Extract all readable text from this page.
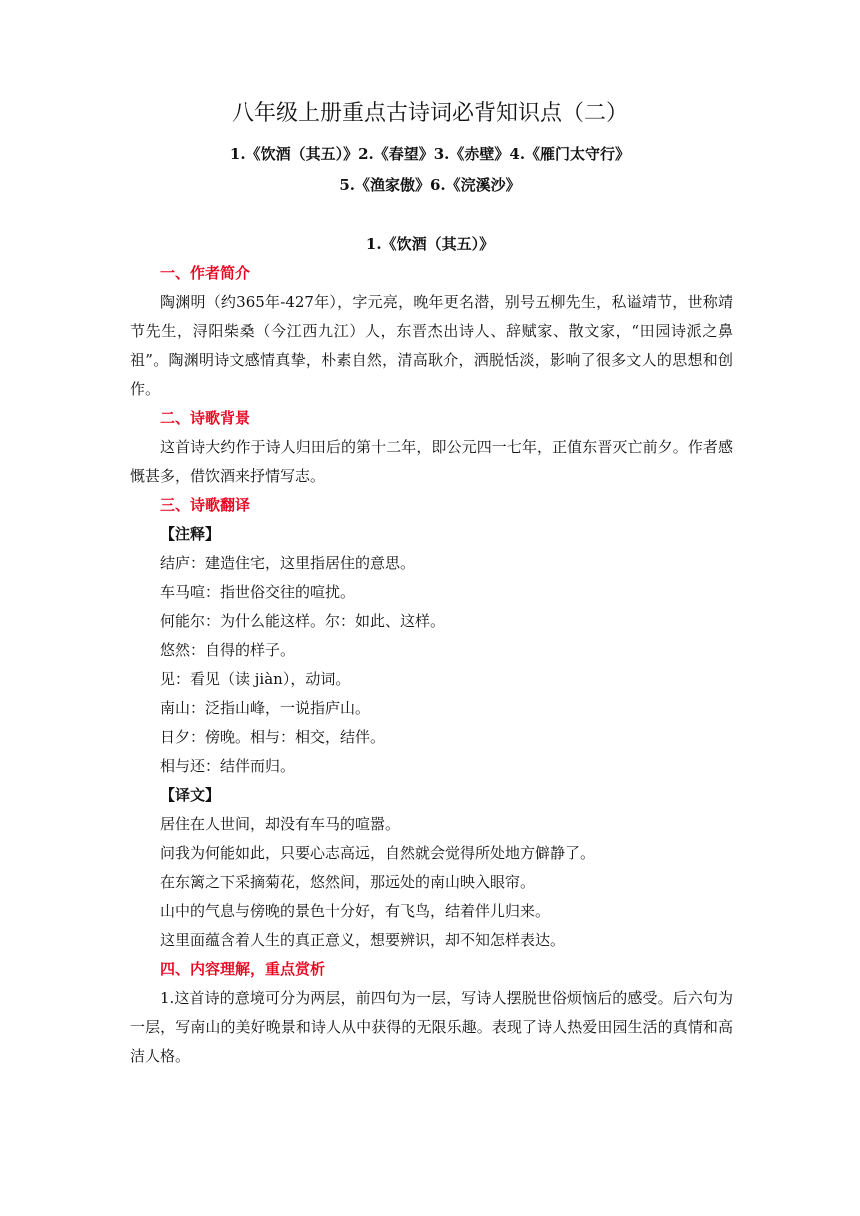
八年级上册重点古诗词必背知识点（二）
1.《饮酒（其五）》2.《春望》3.《赤壁》4.《雁门太守行》
5.《渔家傲》6.《浣溪沙》
1.《饮酒（其五）》

一、作者简介

陶渊明（约365年-427年），字元亮，晚年更名潜，别号五柳先生，私谥靖节，世称靖节先生，浔阳柴桑（今江西九江）人，东晋杰出诗人、辞赋家、散文家，“田园诗派之鼻祖”。陶渊明诗文感情真挚，朴素自然，清高耿介，洒脱恬淡，影响了很多文人的思想和创作。

二、诗歌背景

这首诗大约作于诗人归田后的第十二年，即公元四一七年，正值东晋灭亡前夕。作者感慨甚多，借饮酒来抒情写志。

三、诗歌翻译

【注释】

结庐：建造住宅，这里指居住的意思。

车马喧：指世俗交往的喧扰。

何能尔：为什么能这样。尔：如此、这样。

悠然：自得的样子。

见：看见（读 jiàn），动词。

南山：泛指山峰，一说指庐山。

日夕：傍晚。相与：相交，结伴。

相与还：结伴而归。

【译文】

居住在人世间，却没有车马的喧嚣。

问我为何能如此，只要心志高远，自然就会觉得所处地方僻静了。

在东篱之下采摘菊花，悠然间，那远处的南山映入眼帘。

山中的气息与傍晚的景色十分好，有飞鸟，结着伴儿归来。

这里面蕴含着人生的真正意义，想要辨识，却不知怎样表达。

四、内容理解，重点赏析

1.这首诗的意境可分为两层，前四句为一层，写诗人摆脱世俗烦恼后的感受。后六句为一层，写南山的美好晚景和诗人从中获得的无限乐趣。表现了诗人热爱田园生活的真情和高洁人格。
